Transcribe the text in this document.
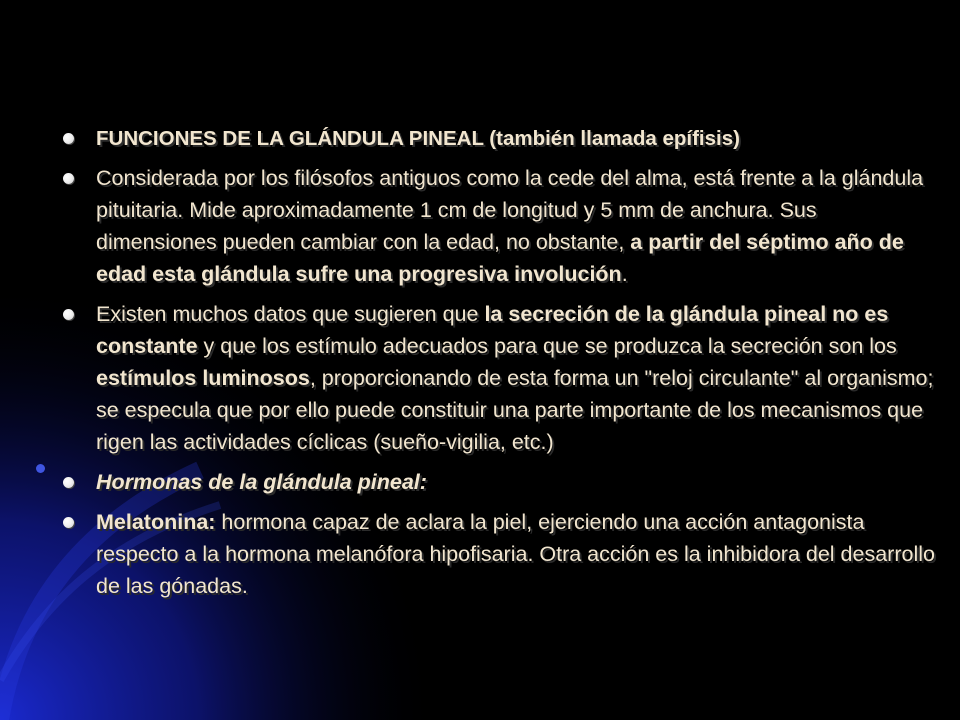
FUNCIONES DE LA GLÁNDULA PINEAL (también llamada epífisis)
Considerada por los filósofos antiguos como la cede del alma, está frente a la glándula pituitaria. Mide aproximadamente 1 cm de longitud y 5 mm de anchura. Sus dimensiones pueden cambiar con la edad, no obstante, a partir del séptimo año de edad esta glándula sufre una progresiva involución.
Existen muchos datos que sugieren que la secreción de la glándula pineal no es constante y que los estímulo adecuados para que se produzca la secreción son los estímulos luminosos, proporcionando de esta forma un "reloj circulante" al organismo; se especula que por ello puede constituir una parte importante de los mecanismos que rigen las actividades cíclicas (sueño-vigilia, etc.)
Hormonas de la glándula pineal:
Melatonina: hormona capaz de aclara la piel, ejerciendo una acción antagonista respecto a la hormona melanófora hipofisaria. Otra acción es la inhibidora del desarrollo de las gónadas.
